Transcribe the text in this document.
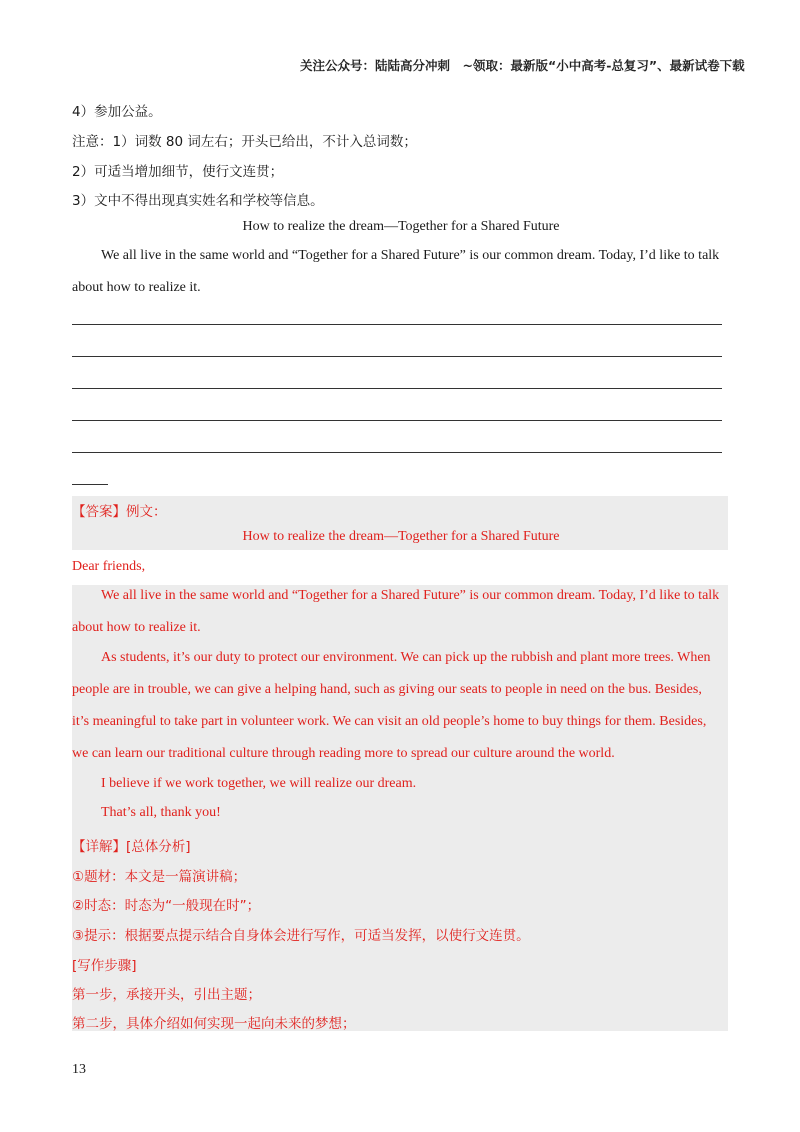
关注公众号：陆陆高分冲刺　~领取：最新版“小中高考-总复习”、最新试卷下载
4）参加公益。
注意：1）词数 80 词左右；开头已给出，不计入总词数；
2）可适当增加细节，使行文连贯；
3）文中不得出现真实姓名和学校等信息。
How to realize the dream—Together for a Shared Future
We all live in the same world and “Together for a Shared Future” is our common dream. Today, I’d like to talk
about how to realize it.
【答案】例文：
How to realize the dream—Together for a Shared Future
Dear friends,
We all live in the same world and “Together for a Shared Future” is our common dream. Today, I’d like to talk
about how to realize it.
As students, it’s our duty to protect our environment. We can pick up the rubbish and plant more trees. When
people are in trouble, we can give a helping hand, such as giving our seats to people in need on the bus. Besides,
it’s meaningful to take part in volunteer work. We can visit an old people’s home to buy things for them. Besides,
we can learn our traditional culture through reading more to spread our culture around the world.
I believe if we work together, we will realize our dream.
That’s all, thank you!
【详解】[总体分析]
①题材：本文是一篇演讲稿；
②时态：时态为“一般现在时”；
③提示：根据要点提示结合自身体会进行写作，可适当发挥，以使行文连贯。
[写作步骤]
第一步，承接开头，引出主题；
第二步，具体介绍如何实现一起向未来的梦想；
13
